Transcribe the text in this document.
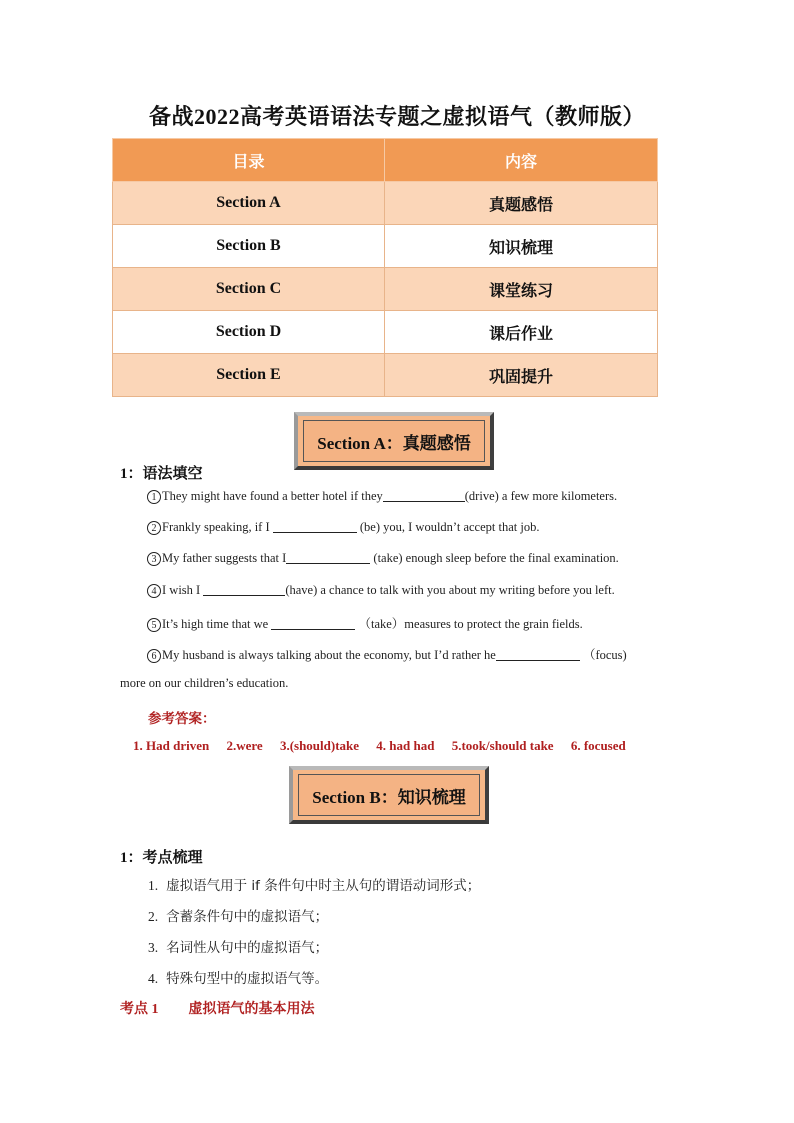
备战2022高考英语语法专题之虚拟语气（教师版）
目录	内容
Section A	真题感悟
Section B	知识梳理
Section C	课堂练习
Section D	课后作业
Section E	巩固提升
Section A：真题感悟
1：语法填空
1 They might have found a better hotel if they	(drive) a few more kilometers.
2 Frankly speaking, if I	(be) you, I wouldn’t accept that job.
3 My father suggests that I	(take) enough sleep before the final examination.
4 I wish I	(have) a chance to talk with you about my writing before you left.
5 It’s high time that we	（take）measures to protect the grain fields.
6 My husband is always talking about the economy, but I’d rather he	（focus)
more on our children’s education.
参考答案：
1. Had driven 2.were 3.(should)take 4. had had 5.took/should take 6. focused
Section B：知识梳理
1：考点梳理
1. 虚拟语气用于 if 条件句中时主从句的谓语动词形式；
2. 含蓄条件句中的虚拟语气；
3. 名词性从句中的虚拟语气；
4. 特殊句型中的虚拟语气等。
考点 1 虚拟语气的基本用法
